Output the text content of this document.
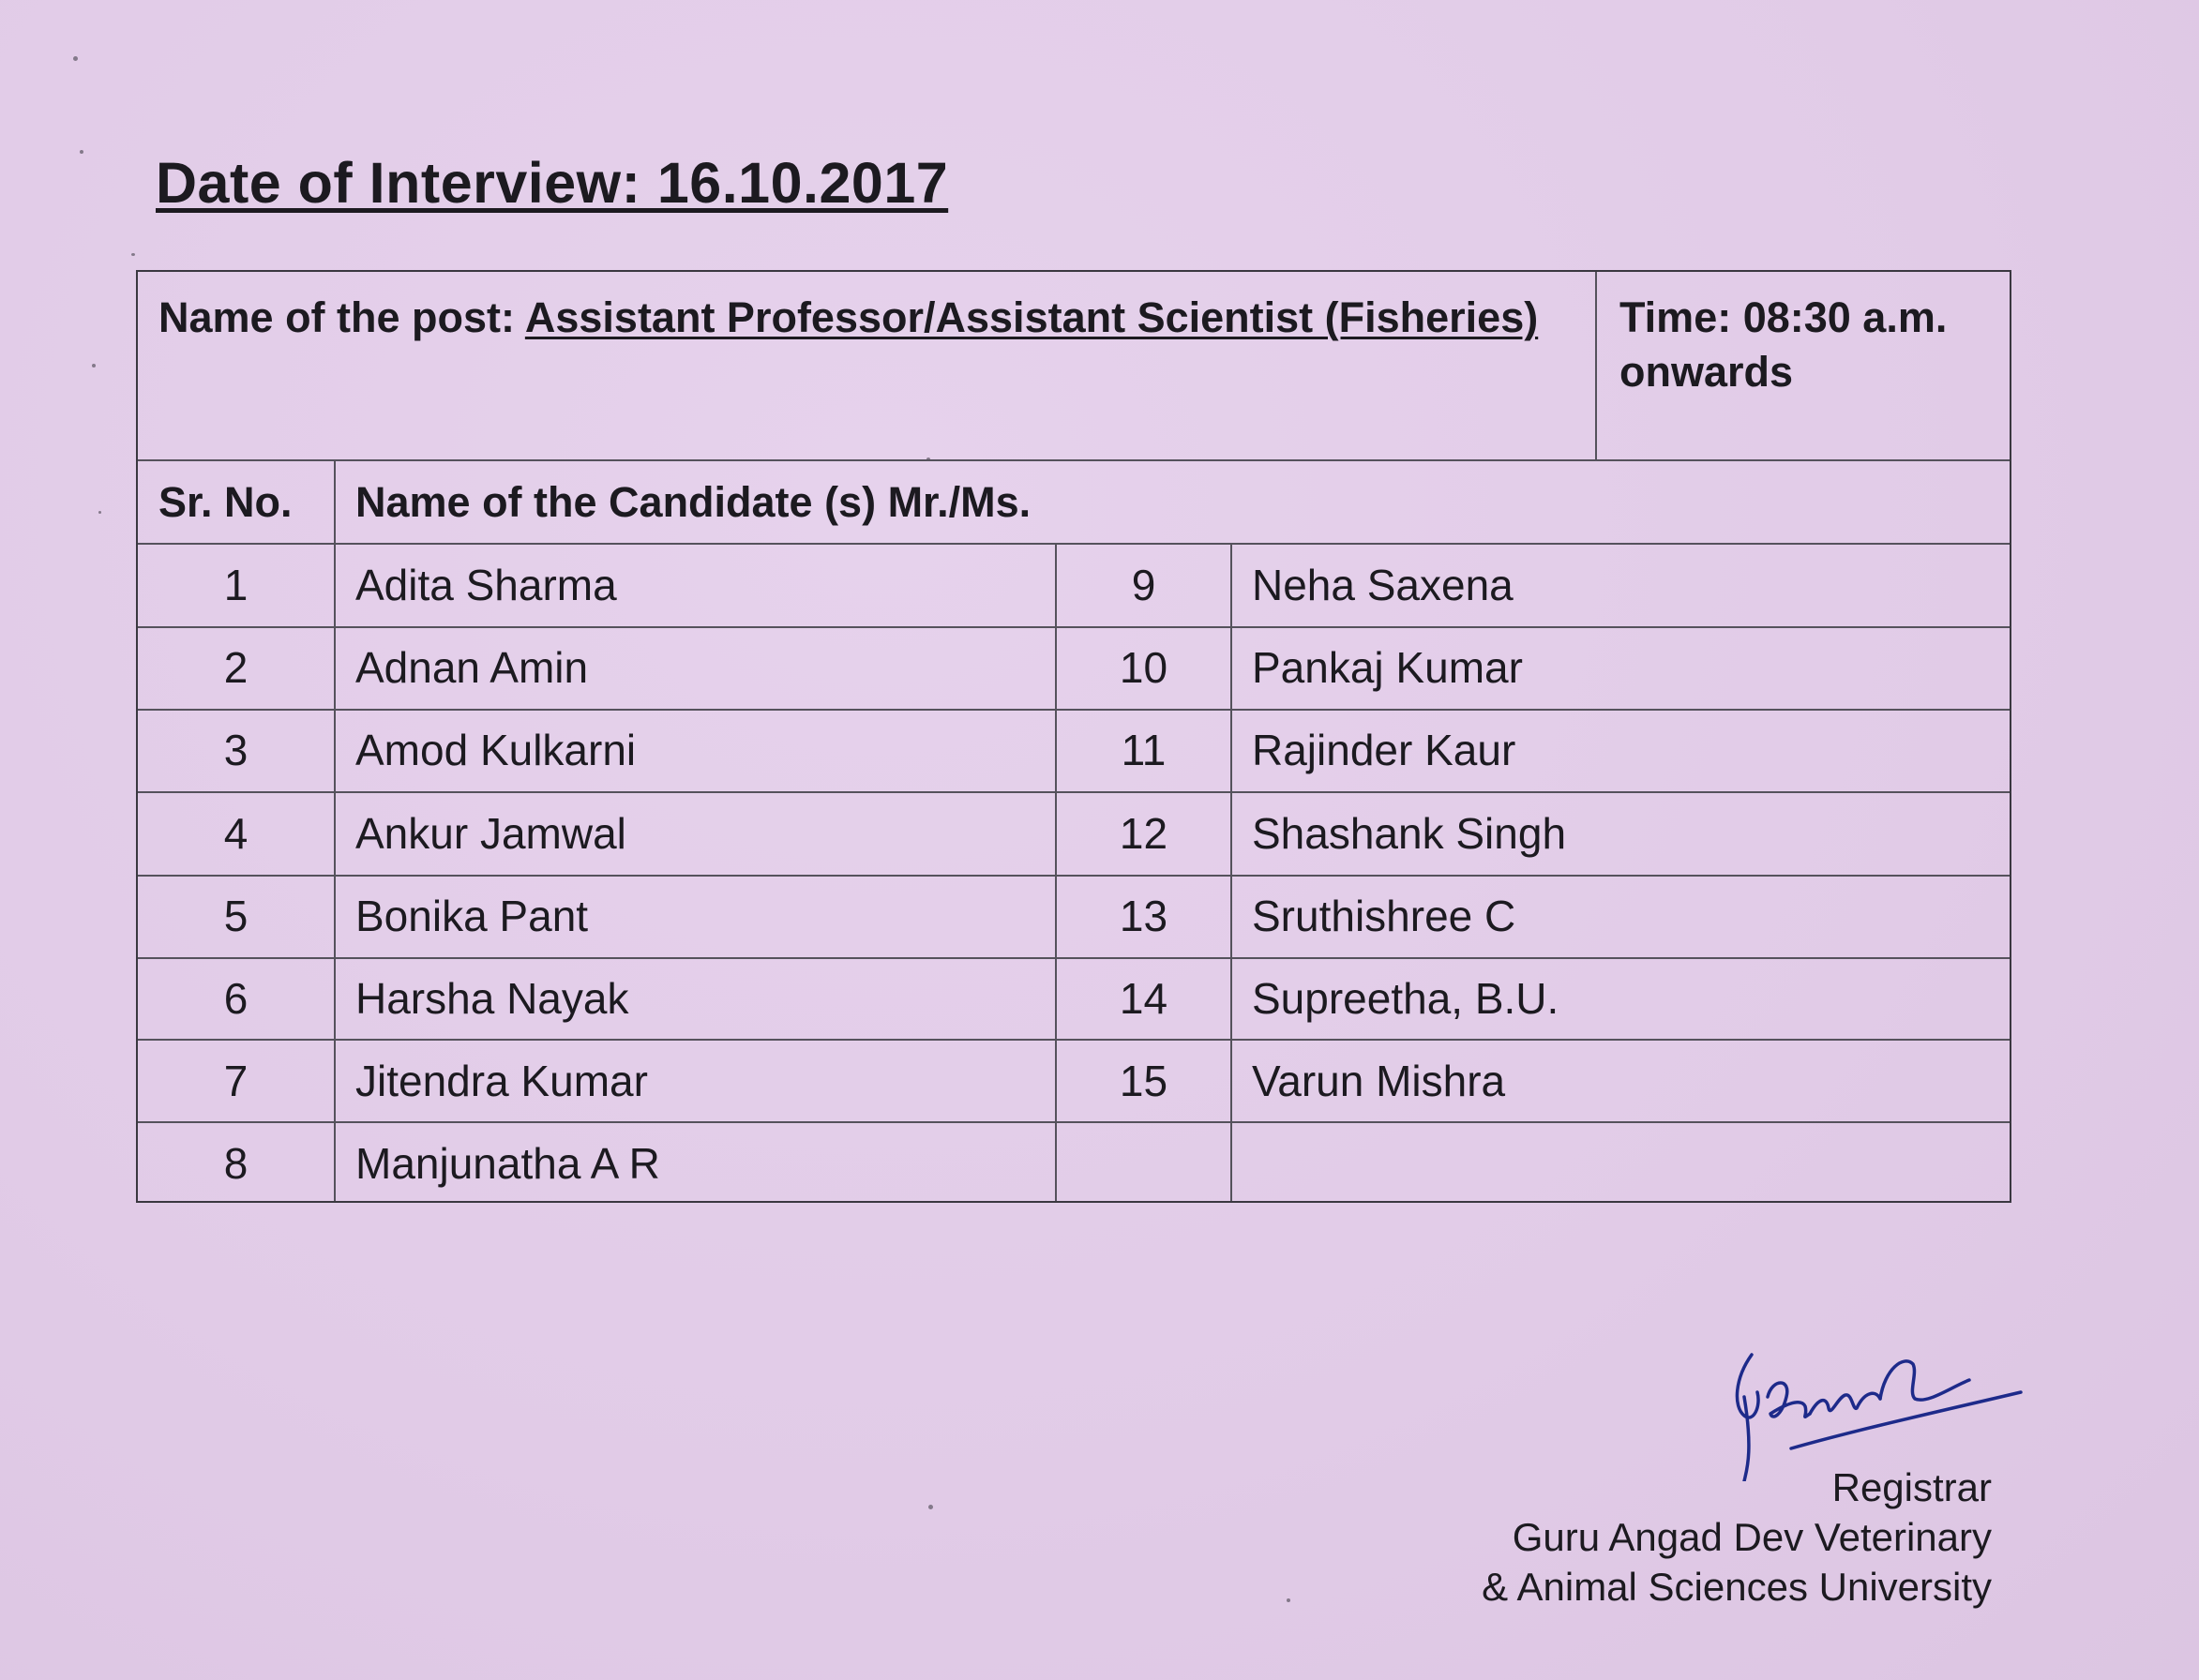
Date of Interview: 16.10.2017
Name of the post: Assistant Professor/Assistant Scientist (Fisheries)	Time: 08:30 a.m. onwards
Sr. No. Name of the Candidate (s) Mr./Ms.
1	Adita Sharma
2	Adnan Amin
3	Amod Kulkarni
4	Ankur Jamwal
5	Bonika Pant
6	Harsha Nayak
7	Jitendra Kumar
8	Manjunatha A R
9	Neha Saxena
10	Pankaj Kumar
11	Rajinder Kaur
12	Shashank Singh
13	Sruthishree C
14	Supreetha, B.U.
15	Varun Mishra
Registrar
Guru Angad Dev Veterinary
& Animal Sciences University
